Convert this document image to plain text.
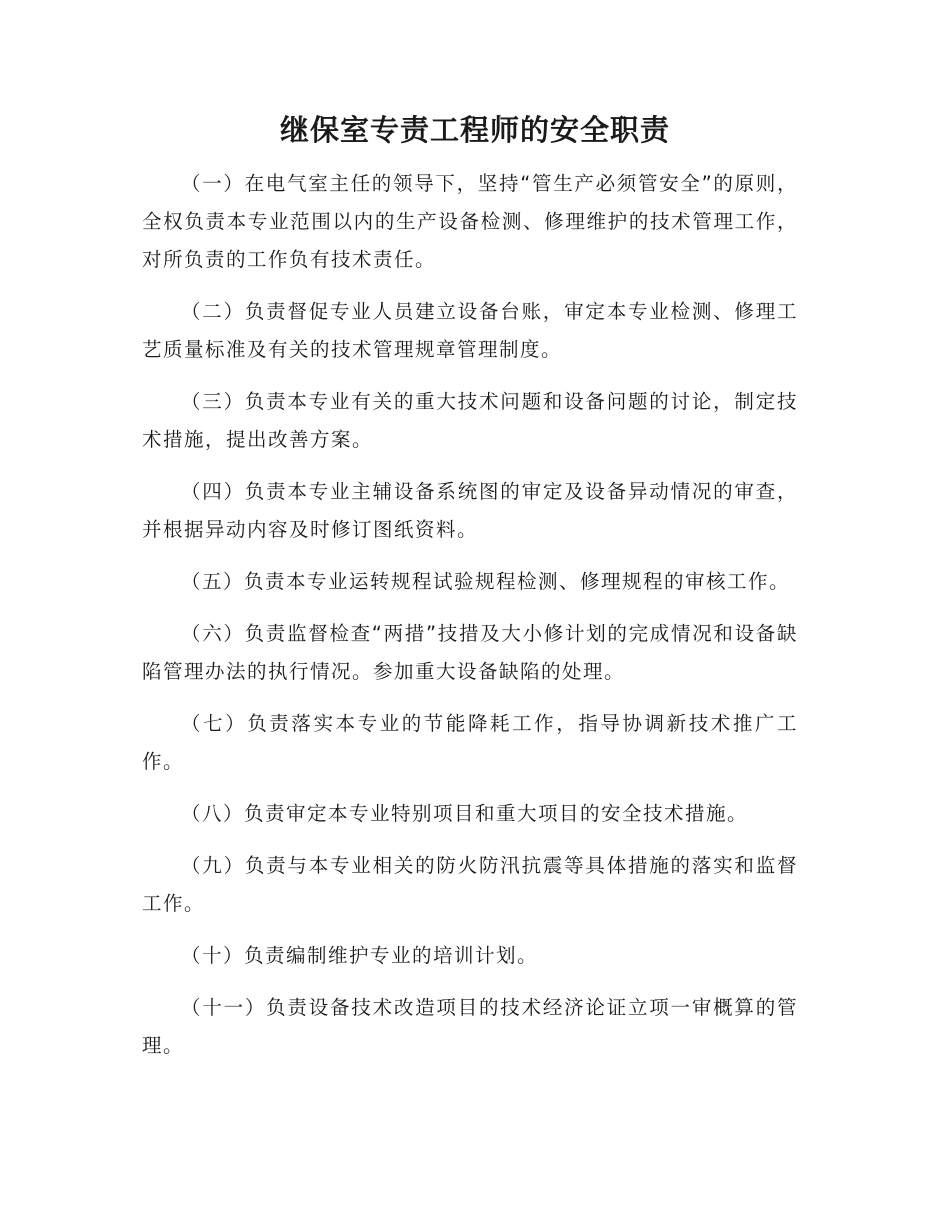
继保室专责工程师的安全职责

（一）在电气室主任的领导下，坚持“管生产必须管安全”的原则，全权负责本专业范围以内的生产设备检测、修理维护的技术管理工作，对所负责的工作负有技术责任。

（二）负责督促专业人员建立设备台账，审定本专业检测、修理工艺质量标准及有关的技术管理规章管理制度。

（三）负责本专业有关的重大技术问题和设备问题的讨论，制定技术措施，提出改善方案。

（四）负责本专业主辅设备系统图的审定及设备异动情况的审查，并根据异动内容及时修订图纸资料。

（五）负责本专业运转规程试验规程检测、修理规程的审核工作。

（六）负责监督检查“两措”技措及大小修计划的完成情况和设备缺陷管理办法的执行情况。参加重大设备缺陷的处理。

（七）负责落实本专业的节能降耗工作，指导协调新技术推广工作。

（八）负责审定本专业特别项目和重大项目的安全技术措施。

（九）负责与本专业相关的防火防汛抗震等具体措施的落实和监督工作。

（十）负责编制维护专业的培训计划。

（十一）负责设备技术改造项目的技术经济论证立项一审概算的管理。
